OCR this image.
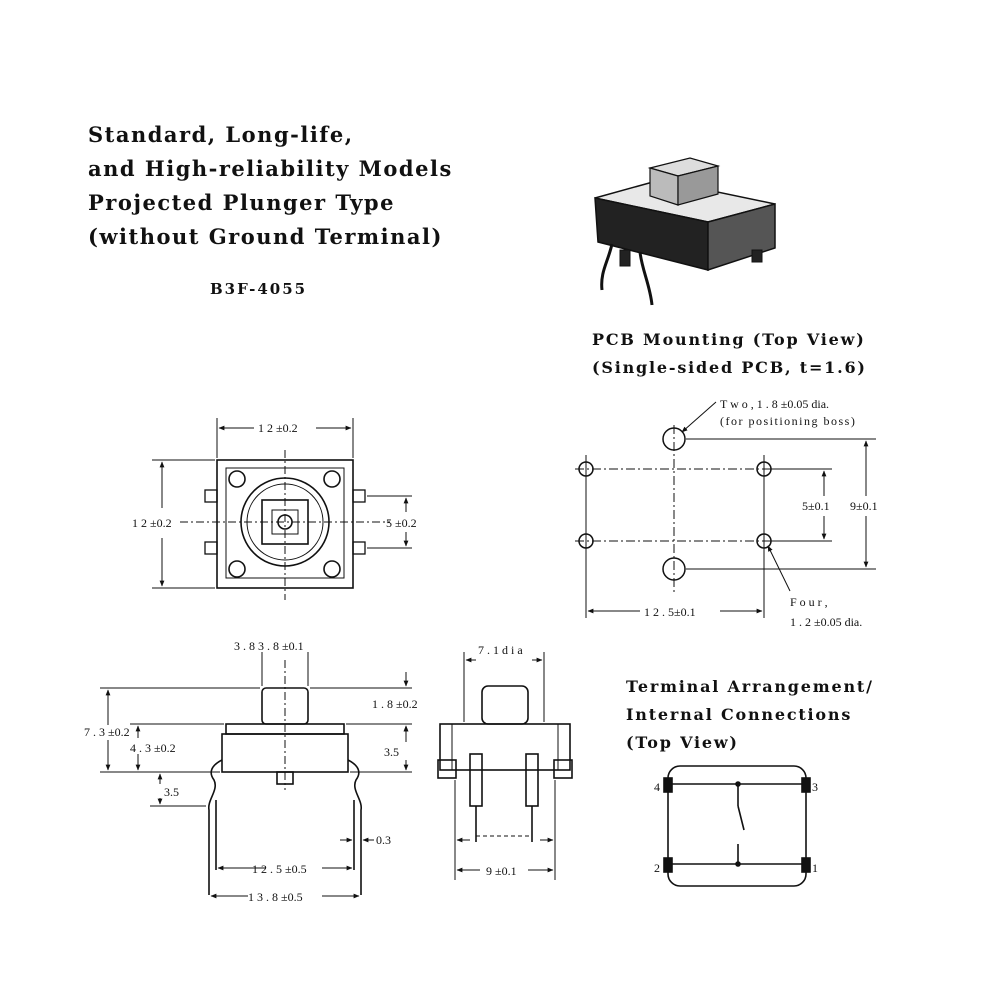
Standard, Long-life,
and High-reliability Models
Projected Plunger Type
(without Ground Terminal)
B3F-4055
PCB Mounting (Top View)
(Single-sided PCB, t=1.6)
Terminal Arrangement/
Internal Connections
(Top View)
1 2 ±0.2
1 2 ±0.2	5 ±0.2
T w o , 1 . 8 ±0.05 dia.
(for positioning boss)
F o u r ,
1 . 2 ±0.05 dia.
5±0.1 9±0.1
1 2 . 5±0.1
3 . 8 3 . 8 ±0.1
1 . 8 ±0.2
7 . 3 ±0.2
4 . 3 ±0.2	3.5
3.5
0.3
1 2 . 5 ±0.5
1 3 . 8 ±0.5
7 . 1 d i a
9 ±0.1
4	3
2	1
